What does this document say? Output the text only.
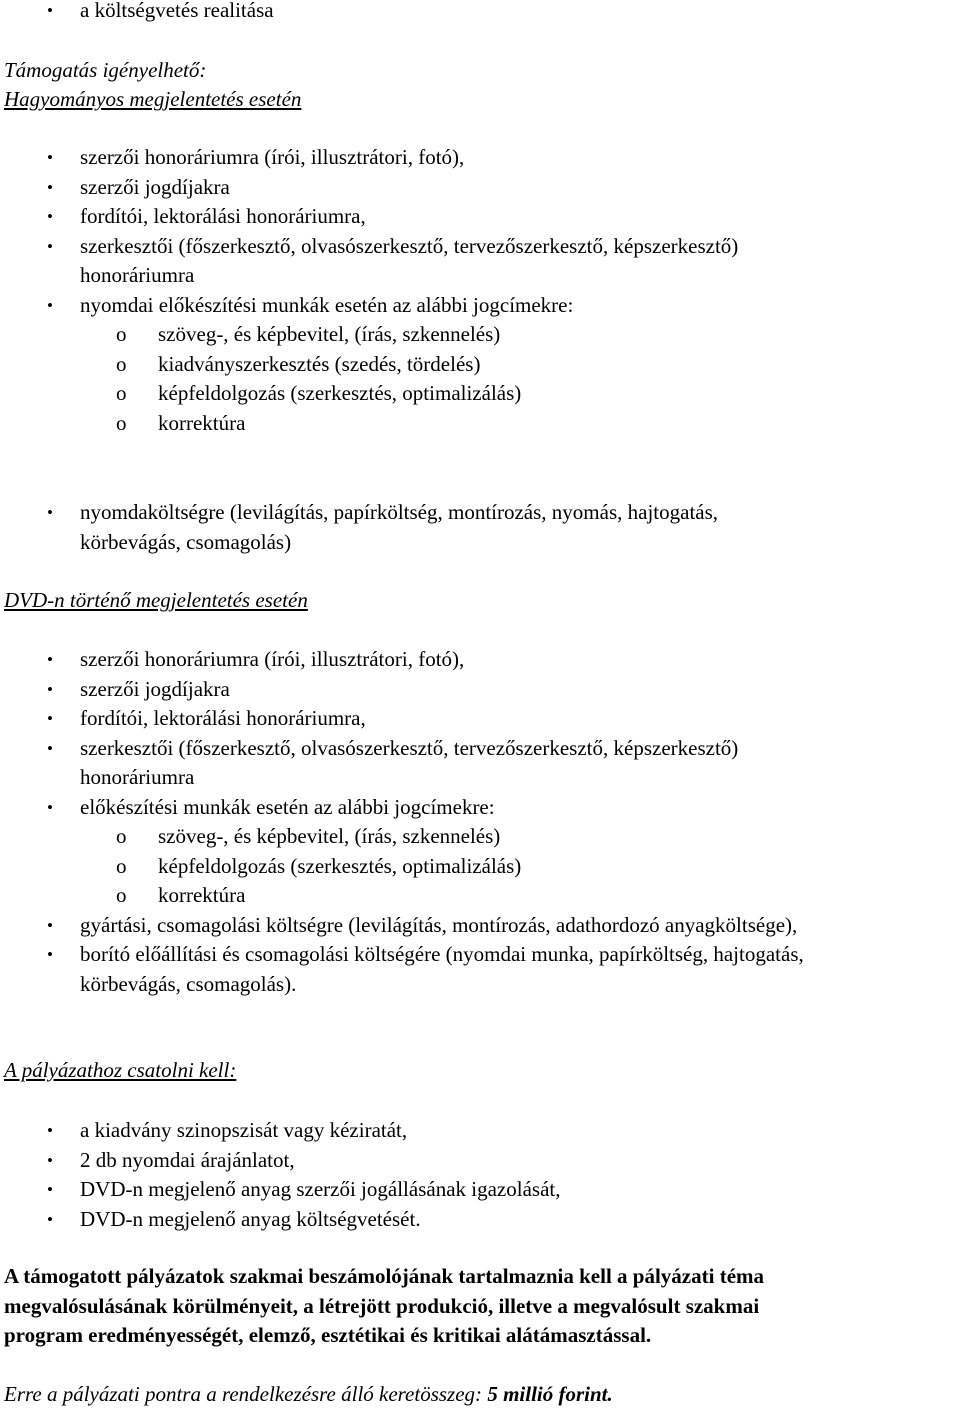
•	a költségvetés realitása
Támogatás igényelhető:
Hagyományos megjelentetés esetén
•	szerzői honoráriumra (írói, illusztrátori, fotó),
•	szerzői jogdíjakra
•	fordítói, lektorálási honoráriumra,
•	szerkesztői (főszerkesztő, olvasószerkesztő, tervezőszerkesztő, képszerkesztő)
honoráriumra
•	nyomdai előkészítési munkák esetén az alábbi jogcímekre:
o szöveg-, és képbevitel, (írás, szkennelés)
o kiadványszerkesztés (szedés, tördelés)
o képfeldolgozás (szerkesztés, optimalizálás)
o korrektúra
•	nyomdaköltségre (levilágítás, papírköltség, montírozás, nyomás, hajtogatás,
körbevágás, csomagolás)
DVD-n történő megjelentetés esetén
•	szerzői honoráriumra (írói, illusztrátori, fotó),
•	szerzői jogdíjakra
•	fordítói, lektorálási honoráriumra,
•	szerkesztői (főszerkesztő, olvasószerkesztő, tervezőszerkesztő, képszerkesztő)
honoráriumra
•	előkészítési munkák esetén az alábbi jogcímekre:
o szöveg-, és képbevitel, (írás, szkennelés)
o képfeldolgozás (szerkesztés, optimalizálás)
o korrektúra
•	gyártási, csomagolási költségre (levilágítás, montírozás, adathordozó anyagköltsége),
•	borító előállítási és csomagolási költségére (nyomdai munka, papírköltség, hajtogatás,
körbevágás, csomagolás).
A pályázathoz csatolni kell:
•	a kiadvány szinopszisát vagy kéziratát,
•	2 db nyomdai árajánlatot,
•	DVD-n megjelenő anyag szerzői jogállásának igazolását,
•	DVD-n megjelenő anyag költségvetését.
A támogatott pályázatok szakmai beszámolójának tartalmaznia kell a pályázati téma
megvalósulásának körülményeit, a létrejött produkció, illetve a megvalósult szakmai
program eredményességét, elemző, esztétikai és kritikai alátámasztással.
Erre a pályázati pontra a rendelkezésre álló keretösszeg: 5 millió forint.
